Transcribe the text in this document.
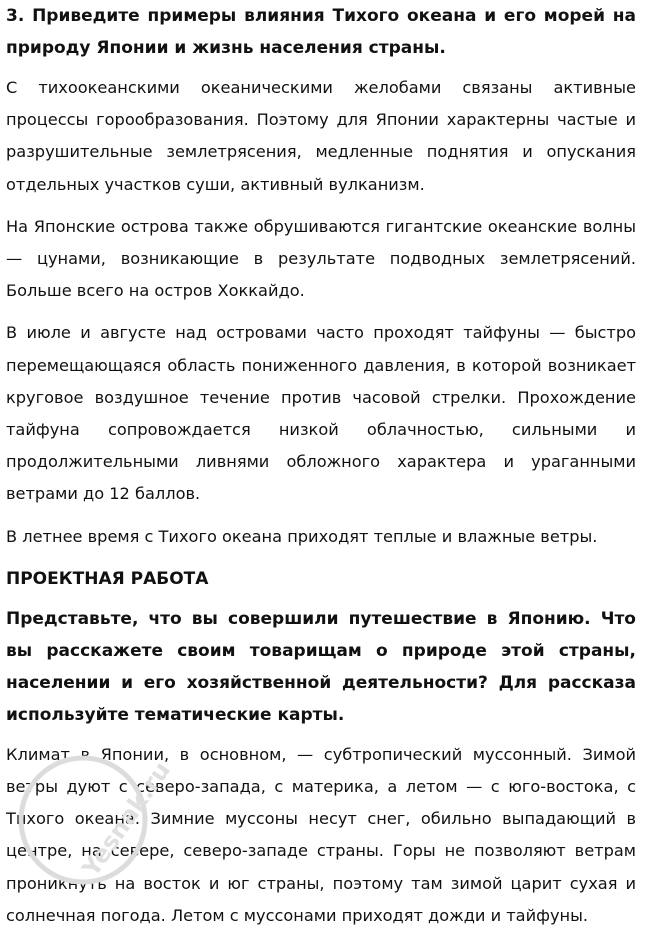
3. Приведите примеры влияния Тихого океана и его морей на природу Японии и жизнь населения страны.

С тихоокеанскими океаническими желобами связаны активные процессы горообразования. Поэтому для Японии характерны частые и разрушительные землетрясения, медленные поднятия и опускания отдельных участков суши, активный вулканизм.

На Японские острова также обрушиваются гигантские океанские волны — цунами, возникающие в результате подводных землетрясений. Больше всего на остров Хоккайдо.

В июле и августе над островами часто проходят тайфуны — быстро перемещающаяся область пониженного давления, в которой возникает круговое воздушное течение против часовой стрелки. Прохождение тайфуна сопровождается низкой облачностью, сильными и продолжительными ливнями обложного характера и ураганными ветрами до 12 баллов.

В летнее время с Тихого океана приходят теплые и влажные ветры.

ПРОЕКТНАЯ РАБОТА

Представьте, что вы совершили путешествие в Японию. Что вы расскажете своим товарищам о природе этой страны, населении и его хозяйственной деятельности? Для рассказа используйте тематические карты.

Климат в Японии, в основном, — субтропический муссонный. Зимой ветры дуют с северо-запада, с материка, а летом — с юго-востока, с Тихого океана. Зимние муссоны несут снег, обильно выпадающий в центре, на севере, северо-западе страны. Горы не позволяют ветрам проникнуть на восток и юг страны, поэтому там зимой царит сухая и солнечная погода. Летом с муссонами приходят дожди и тайфуны.

Yesnak.ru
